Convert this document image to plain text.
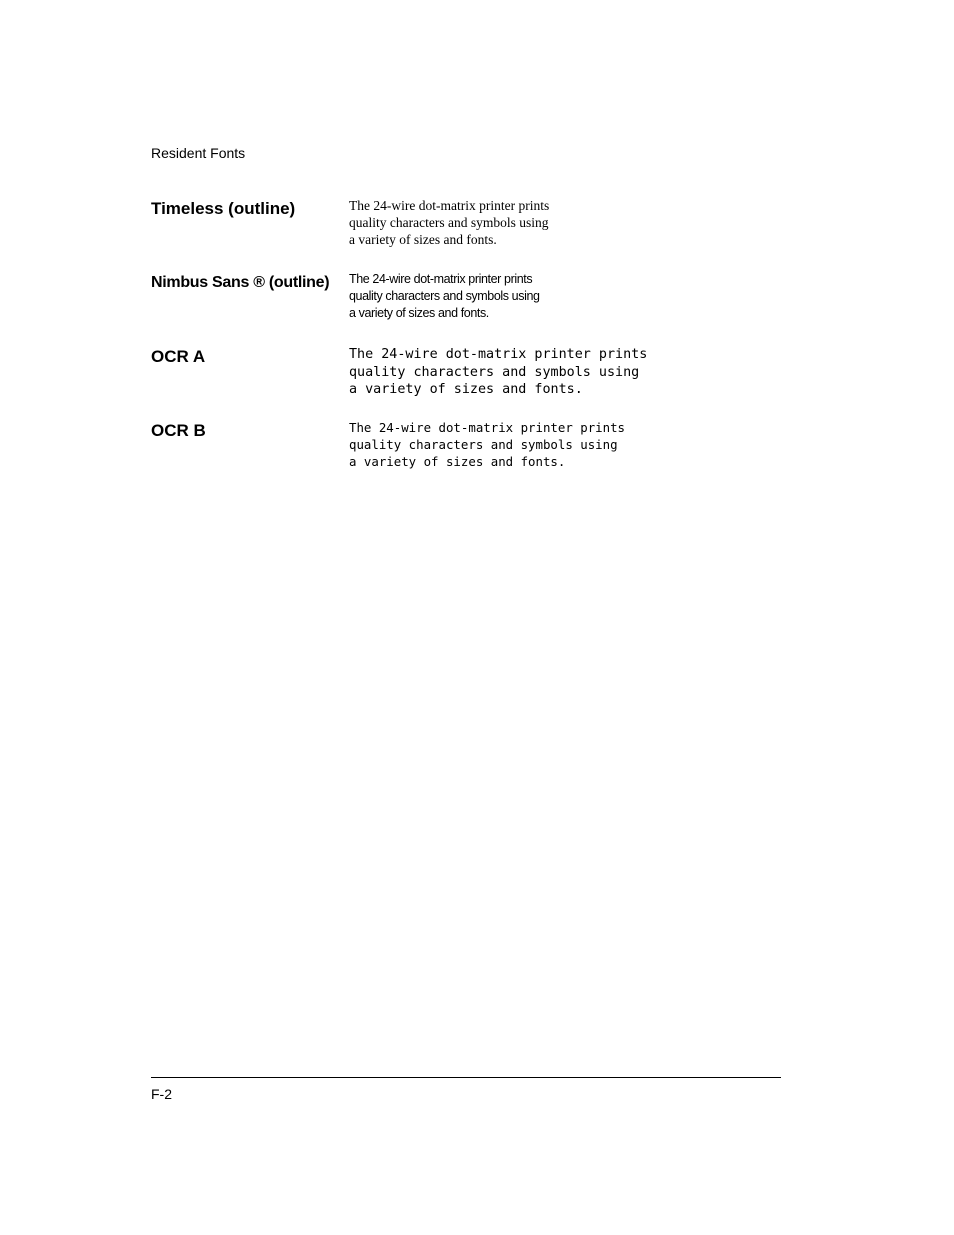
Resident Fonts
Timeless (outline)	The 24-wire dot-matrix printer prints
quality characters and symbols using
a variety of sizes and fonts.
Nimbus Sans ® (outline) The 24-wire dot-matrix printer prints
quality characters and symbols using
a variety of sizes and fonts.
OCR A	The 24-wire dot-matrix printer prints
quality characters and symbols using
a variety of sizes and fonts.
OCR B	The 24-wire dot-matrix printer prints
quality characters and symbols using
a variety of sizes and fonts.
F-2
